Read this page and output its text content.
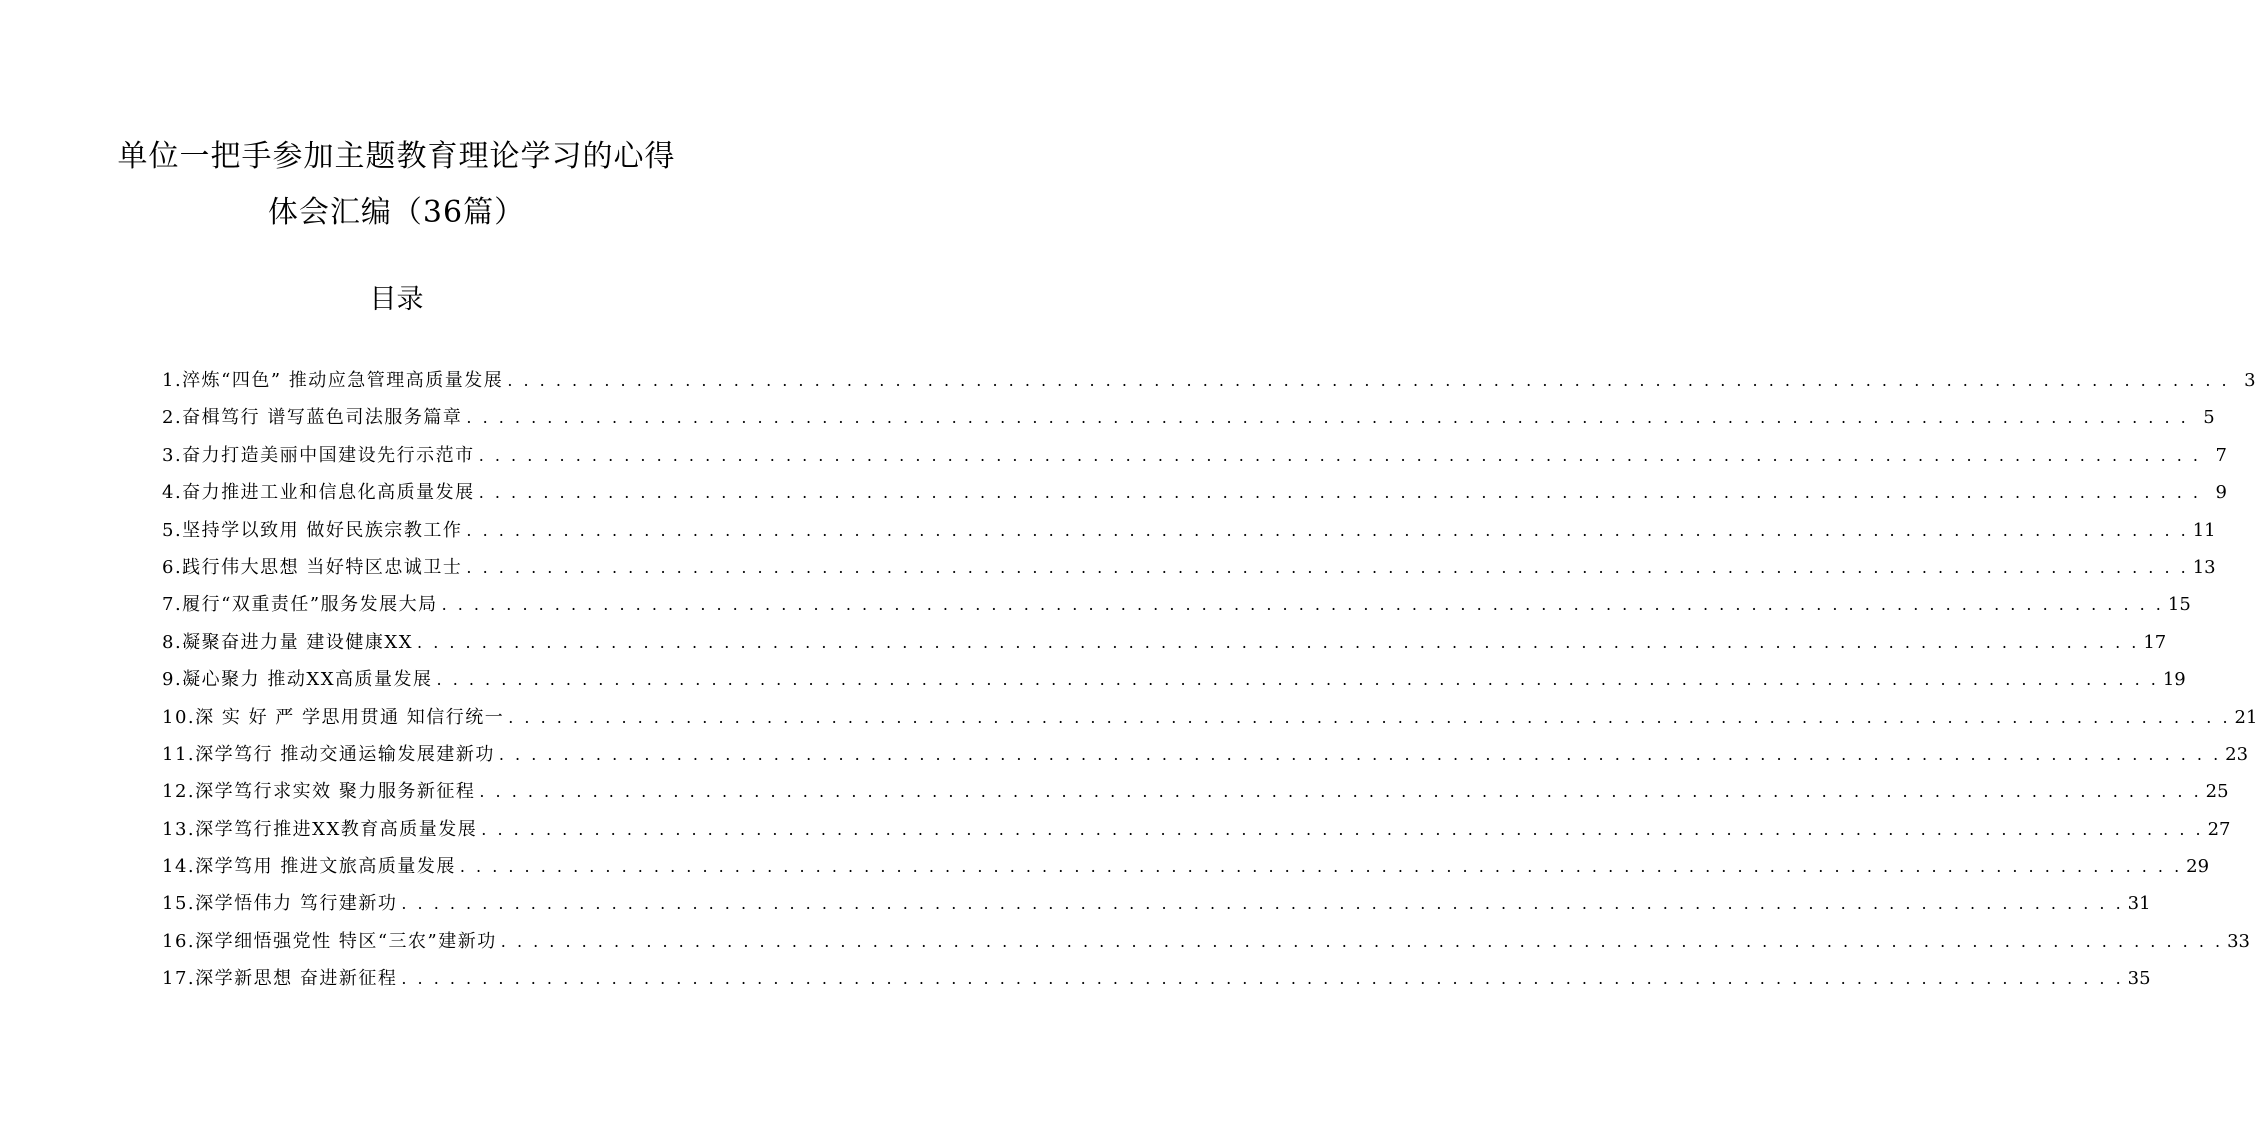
单位一把手参加主题教育理论学习的心得
体会汇编（36篇）
目录
1.淬炼“四色” 推动应急管理高质量发展 . . .	3
2.奋楫笃行 谱写蓝色司法服务篇章 . . .	5
3.奋力打造美丽中国建设先行示范市 . . .	7
4.奋力推进工业和信息化高质量发展 . . .	9
5.坚持学以致用 做好民族宗教工作 . . .	11
6.践行伟大思想 当好特区忠诚卫士 . . .	13
7.履行“双重责任”服务发展大局 . . .	15
8.凝聚奋进力量 建设健康XX . . .	17
9.凝心聚力 推动XX高质量发展 . . .	19
10.深 实 好 严 学思用贯通 知信行统一 . . .	21
11.深学笃行 推动交通运输发展建新功 . . .	23
12.深学笃行求实效 聚力服务新征程 . . .	25
13.深学笃行推进XX教育高质量发展 . . .	27
14.深学笃用 推进文旅高质量发展 . . .	29
15.深学悟伟力 笃行建新功 . . .	31
16.深学细悟强党性 特区“三农”建新功 . . .	33
17.深学新思想 奋进新征程 . . .	35
